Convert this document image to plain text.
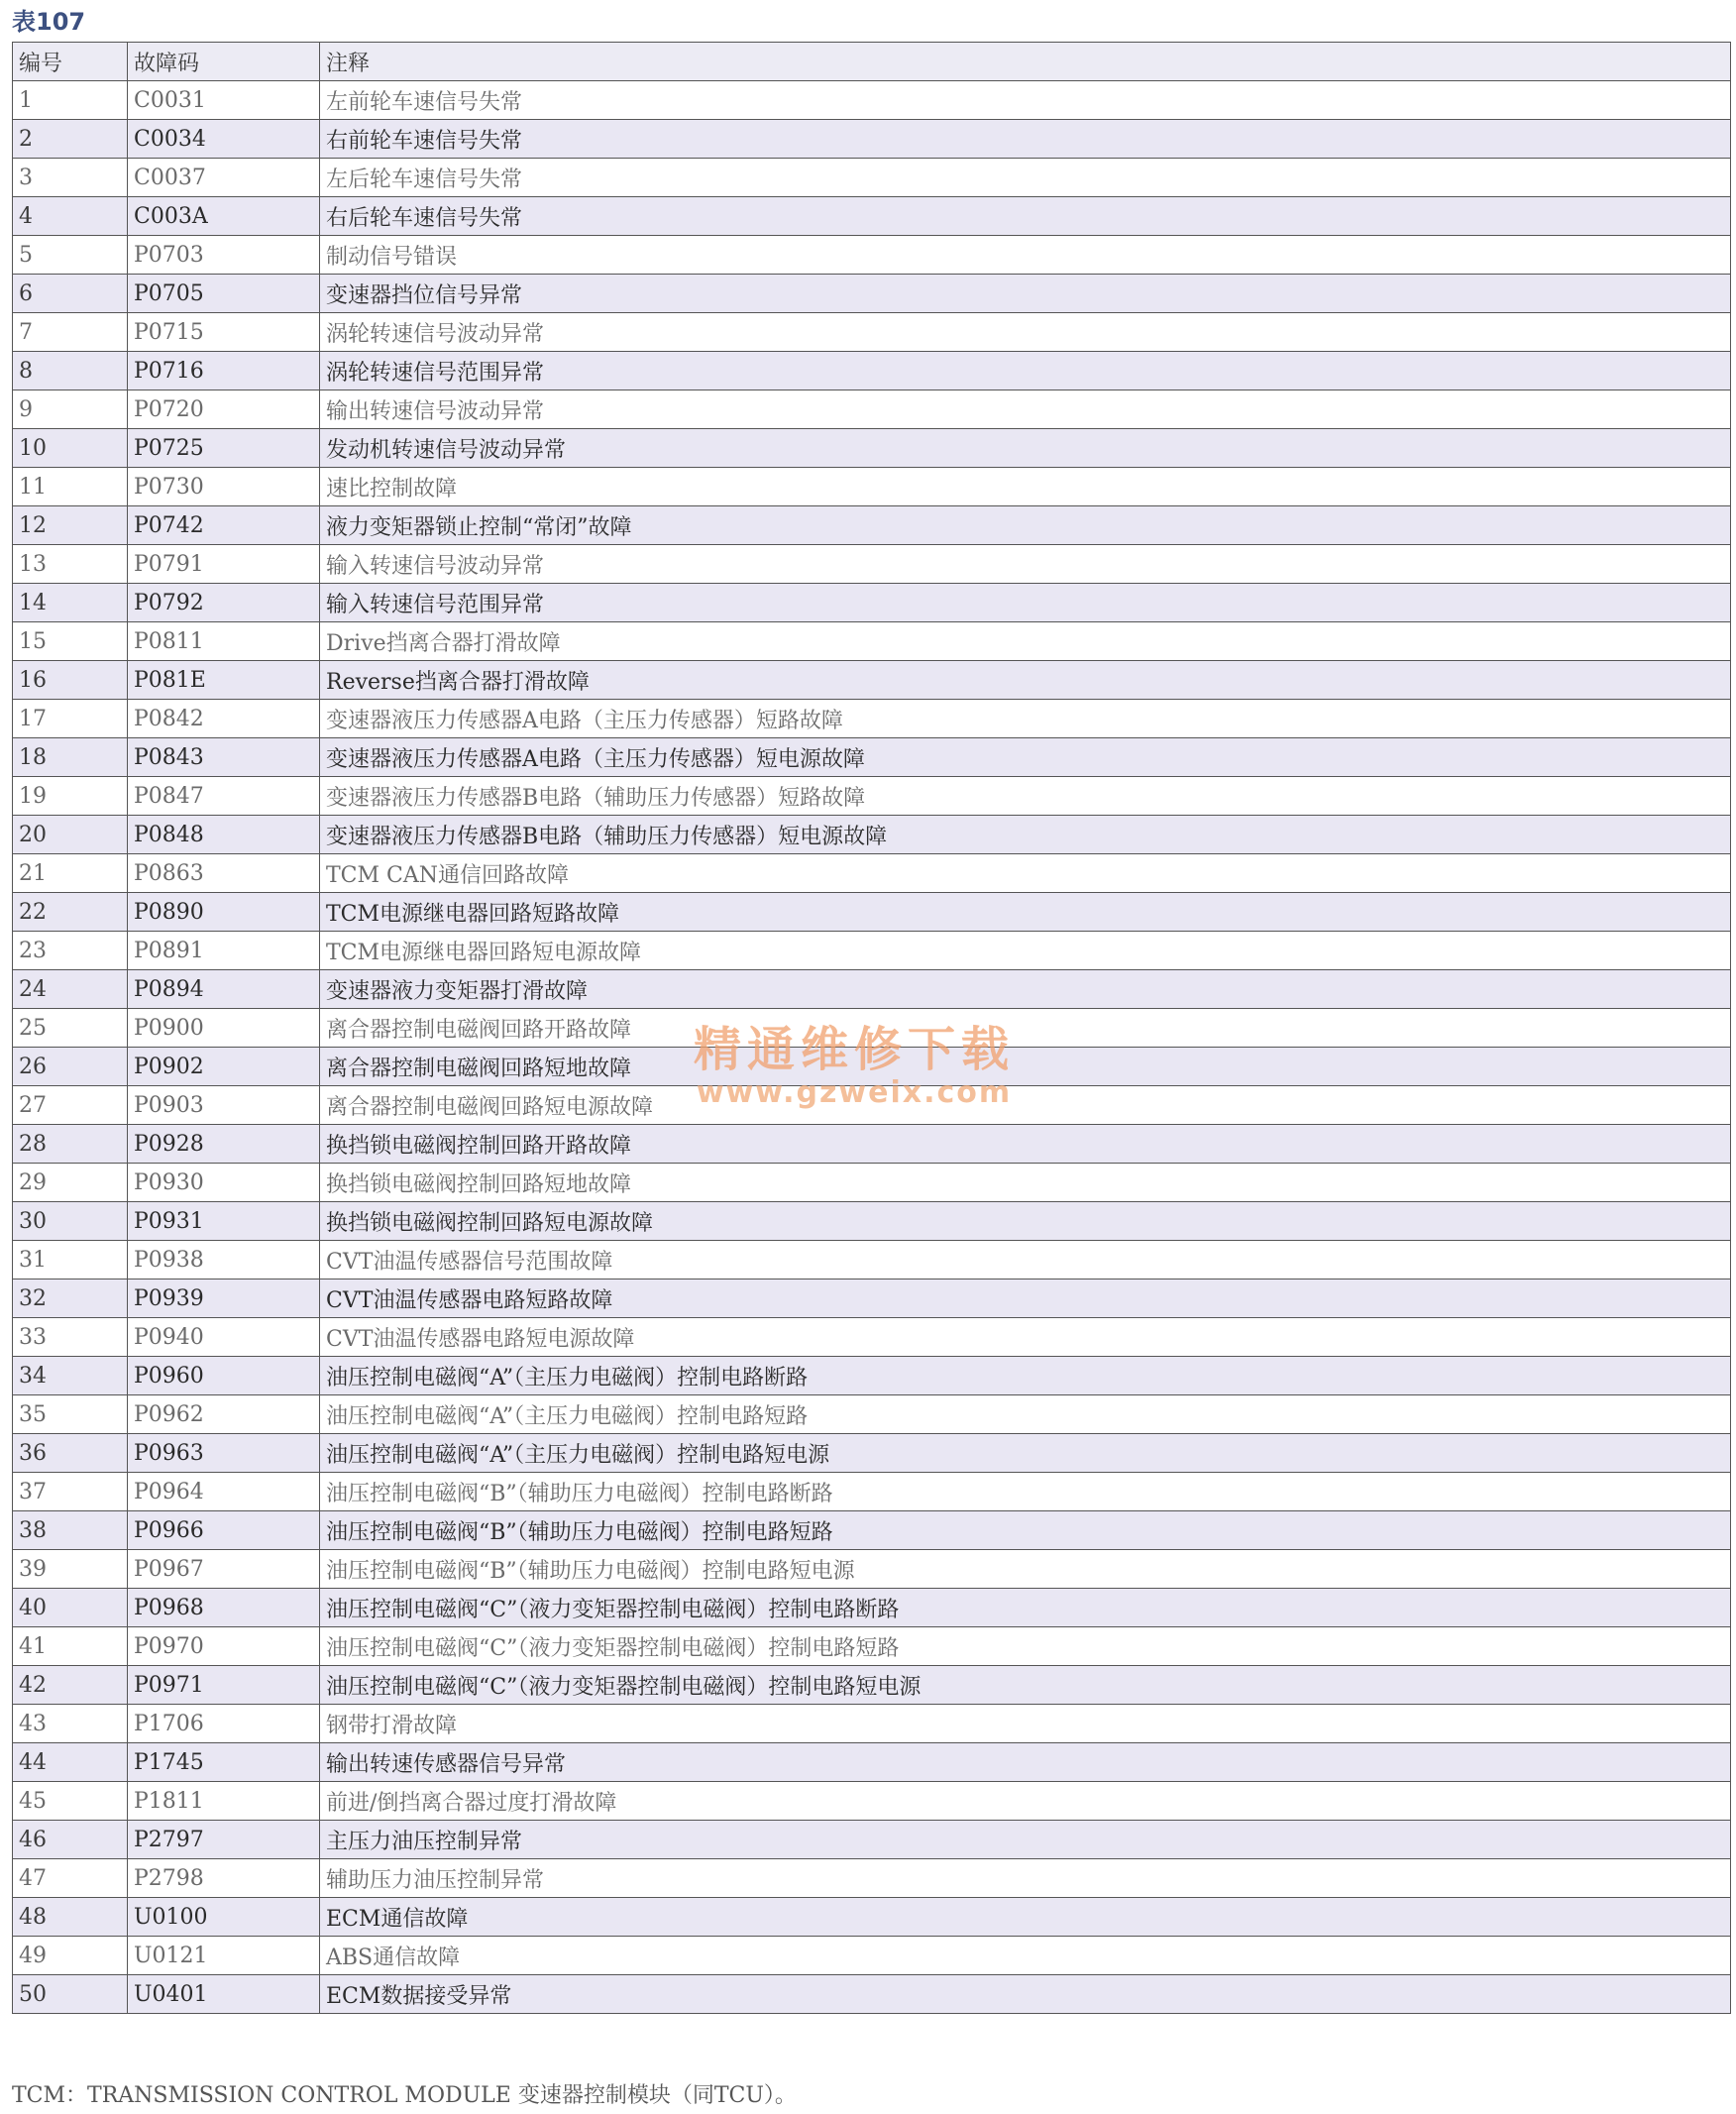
表107
编号	故障码	注释
1	C0031	左前轮车速信号失常
2	C0034	右前轮车速信号失常
3	C0037	左后轮车速信号失常
4	C003A	右后轮车速信号失常
5	P0703	制动信号错误
6	P0705	变速器挡位信号异常
7	P0715	涡轮转速信号波动异常
8	P0716	涡轮转速信号范围异常
9	P0720	输出转速信号波动异常
10	P0725	发动机转速信号波动异常
11	P0730	速比控制故障
12	P0742	液力变矩器锁止控制“常闭”故障
13	P0791	输入转速信号波动异常
14	P0792	输入转速信号范围异常
15	P0811	Drive挡离合器打滑故障
16	P081E	Reverse挡离合器打滑故障
17	P0842	变速器液压力传感器A电路（主压力传感器）短路故障
18	P0843	变速器液压力传感器A电路（主压力传感器）短电源故障
19	P0847	变速器液压力传感器B电路（辅助压力传感器）短路故障
20	P0848	变速器液压力传感器B电路（辅助压力传感器）短电源故障
21	P0863	TCM CAN通信回路故障
22	P0890	TCM电源继电器回路短路故障
23	P0891	TCM电源继电器回路短电源故障
24	P0894	变速器液力变矩器打滑故障
25	P0900	离合器控制电磁阀回路开路故障
26	P0902	离合器控制电磁阀回路短地故障
27	P0903	离合器控制电磁阀回路短电源故障
28	P0928	换挡锁电磁阀控制回路开路故障
29	P0930	换挡锁电磁阀控制回路短地故障
30	P0931	换挡锁电磁阀控制回路短电源故障
31	P0938	CVT油温传感器信号范围故障
32	P0939	CVT油温传感器电路短路故障
33	P0940	CVT油温传感器电路短电源故障
34	P0960	油压控制电磁阀“A”（主压力电磁阀）控制电路断路
35	P0962	油压控制电磁阀“A”（主压力电磁阀）控制电路短路
36	P0963	油压控制电磁阀“A”（主压力电磁阀）控制电路短电源
37	P0964	油压控制电磁阀“B”（辅助压力电磁阀）控制电路断路
38	P0966	油压控制电磁阀“B”（辅助压力电磁阀）控制电路短路
39	P0967	油压控制电磁阀“B”（辅助压力电磁阀）控制电路短电源
40	P0968	油压控制电磁阀“C”（液力变矩器控制电磁阀）控制电路断路
41	P0970	油压控制电磁阀“C”（液力变矩器控制电磁阀）控制电路短路
42	P0971	油压控制电磁阀“C”（液力变矩器控制电磁阀）控制电路短电源
43	P1706	钢带打滑故障
44	P1745	输出转速传感器信号异常
45	P1811	前进/倒挡离合器过度打滑故障
46	P2797	主压力油压控制异常
47	P2798	辅助压力油压控制异常
48	U0100	ECM通信故障
49	U0121	ABS通信故障
50	U0401	ECM数据接受异常
精通维修下载
www.gzweix.com
TCM：TRANSMISSION CONTROL MODULE 变速器控制模块（同TCU）。
